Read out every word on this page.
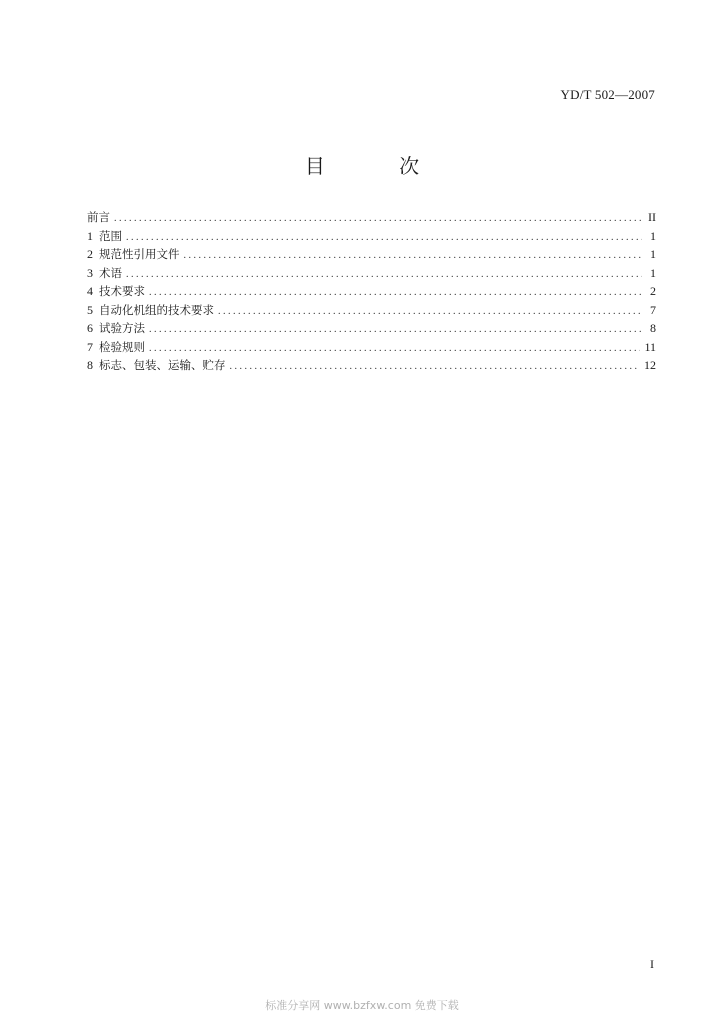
YD/T 502—2007
目 次
前言 . . .	II
1 范围 . . .	1
2 规范性引用文件 . . .	1
3 术语 . . .	1
4 技术要求 . . .	2
5 自动化机组的技术要求 . . .	7
6 试验方法 . . .	8
7 检验规则 . . .	11
8 标志、包装、运输、贮存 . . .	12
I
标准分享网 www.bzfxw.com 免费下载
